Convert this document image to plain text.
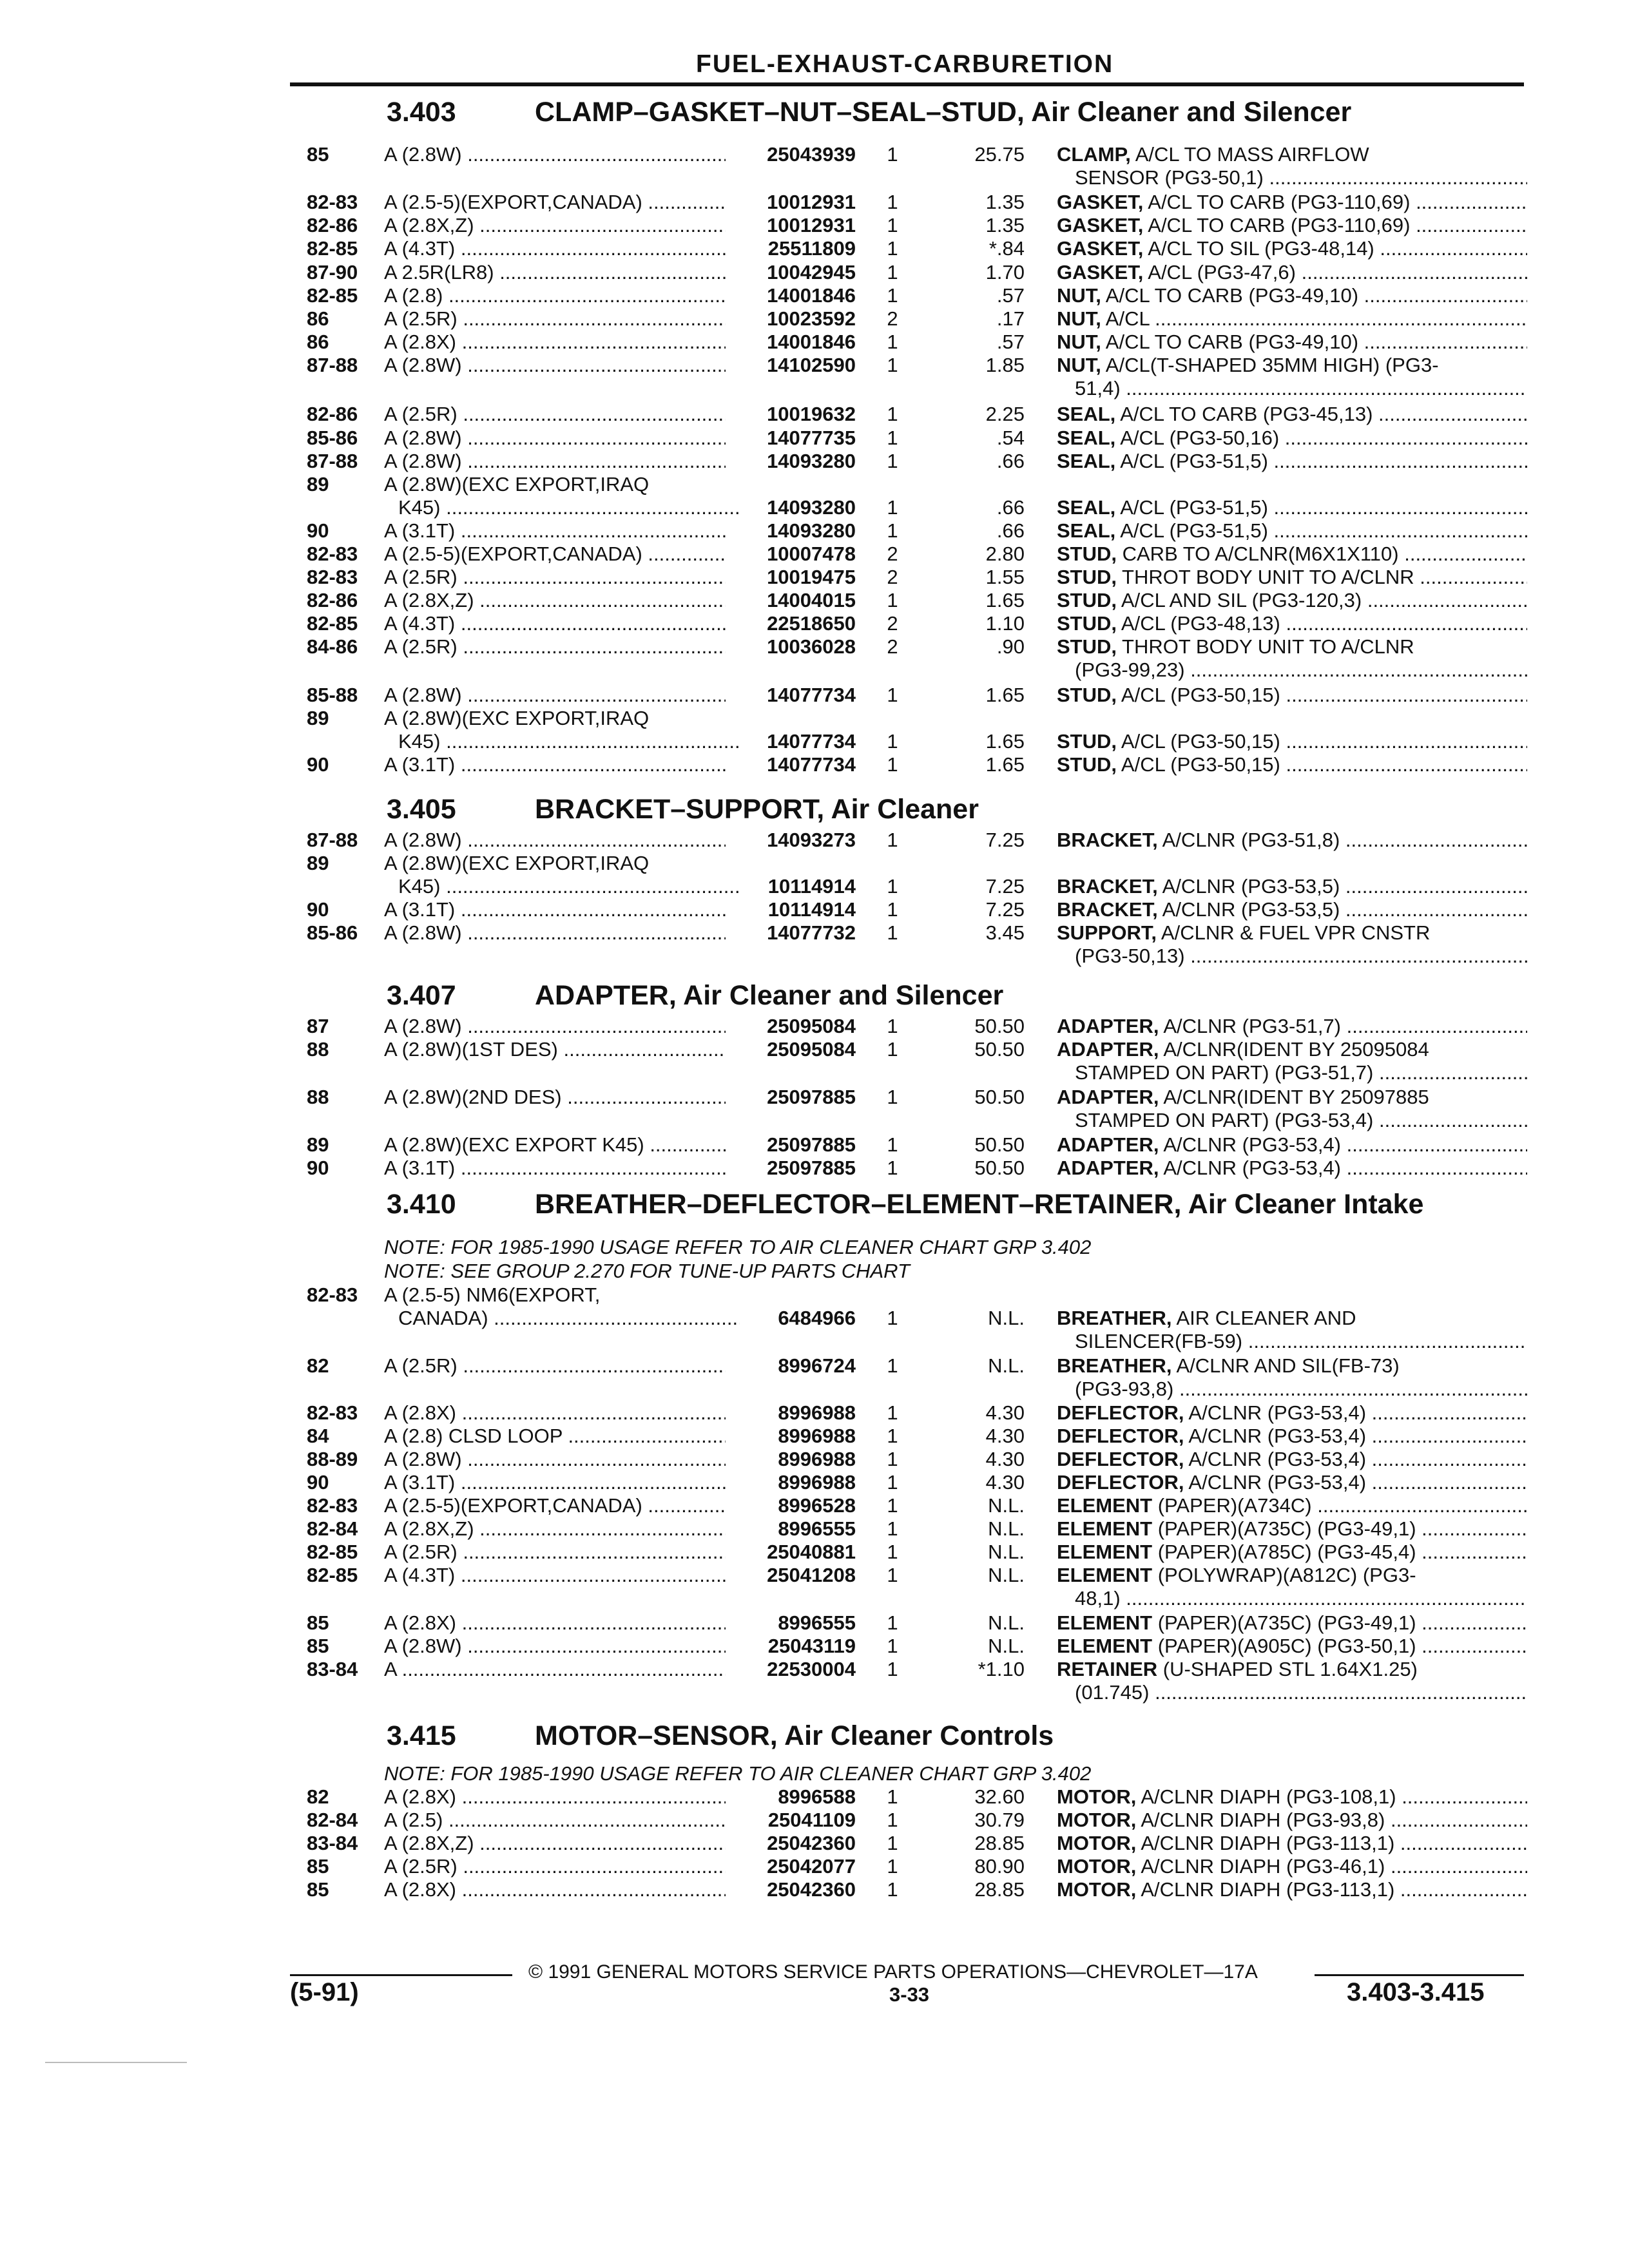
FUEL-EXHAUST-CARBURETION
3.403	CLAMP–GASKET–NUT–SEAL–STUD, Air Cleaner and Silencer
3.405	BRACKET–SUPPORT, Air Cleaner
3.407	ADAPTER, Air Cleaner and Silencer
3.410	BREATHER–DEFLECTOR–ELEMENT–RETAINER, Air Cleaner Intake
3.415	MOTOR–SENSOR, Air Cleaner Controls
NOTE: FOR 1985-1990 USAGE REFER TO AIR CLEANER CHART GRP 3.402
NOTE: SEE GROUP 2.270 FOR TUNE-UP PARTS CHART
NOTE: FOR 1985-1990 USAGE REFER TO AIR CLEANER CHART GRP 3.402
85	A (2.8W) .....	25043939 1	25.75 CLAMP, A/CL TO MASS AIRFLOW
SENSOR (PG3-50,1) .....
82-83 A (2.5-5)(EXPORT,CANADA) .....	10012931 1	1.35 GASKET, A/CL TO CARB (PG3-110,69) .....
82-86 A (2.8X,Z) .....	10012931 1	1.35 GASKET, A/CL TO CARB (PG3-110,69) .....
82-85 A (4.3T) .....	25511809 1	*.84 GASKET, A/CL TO SIL (PG3-48,14) .....
87-90 A 2.5R(LR8) .....	10042945 1	1.70 GASKET, A/CL (PG3-47,6) .....
82-85 A (2.8) .....	14001846 1	.57 NUT, A/CL TO CARB (PG3-49,10) .....
86	A (2.5R) .....	10023592 2	.17 NUT, A/CL .....
86	A (2.8X) .....	14001846 1	.57 NUT, A/CL TO CARB (PG3-49,10) .....
87-88 A (2.8W) .....	14102590 1	1.85 NUT, A/CL(T-SHAPED 35MM HIGH) (PG3-
51,4) .....
82-86 A (2.5R) .....	10019632 1	2.25 SEAL, A/CL TO CARB (PG3-45,13) .....
85-86 A (2.8W) .....	14077735 1	.54 SEAL, A/CL (PG3-50,16) .....
87-88 A (2.8W) .....	14093280 1	.66 SEAL, A/CL (PG3-51,5) .....
89	A (2.8W)(EXC EXPORT,IRAQ
K45) .....	14093280 1	.66 SEAL, A/CL (PG3-51,5) .....
90	A (3.1T) .....	14093280 1	.66 SEAL, A/CL (PG3-51,5) .....
82-83 A (2.5-5)(EXPORT,CANADA) .....	10007478 2	2.80 STUD, CARB TO A/CLNR(M6X1X110) .....
82-83 A (2.5R) .....	10019475 2	1.55 STUD, THROT BODY UNIT TO A/CLNR .....
82-86 A (2.8X,Z) .....	14004015 1	1.65 STUD, A/CL AND SIL (PG3-120,3) .....
82-85 A (4.3T) .....	22518650 2	1.10 STUD, A/CL (PG3-48,13) .....
84-86 A (2.5R) .....	10036028 2	.90 STUD, THROT BODY UNIT TO A/CLNR
(PG3-99,23) .....
85-88 A (2.8W) .....	14077734 1	1.65 STUD, A/CL (PG3-50,15) .....
89	A (2.8W)(EXC EXPORT,IRAQ
K45) .....	14077734 1	1.65 STUD, A/CL (PG3-50,15) .....
90	A (3.1T) .....	14077734 1	1.65 STUD, A/CL (PG3-50,15) .....
87-88 A (2.8W) .....	14093273 1	7.25 BRACKET, A/CLNR (PG3-51,8) .....
89	A (2.8W)(EXC EXPORT,IRAQ
K45) .....	10114914 1	7.25 BRACKET, A/CLNR (PG3-53,5) .....
90	A (3.1T) .....	10114914 1	7.25 BRACKET, A/CLNR (PG3-53,5) .....
85-86 A (2.8W) .....	14077732 1	3.45 SUPPORT, A/CLNR & FUEL VPR CNSTR
(PG3-50,13) .....
87	A (2.8W) .....	25095084 1	50.50 ADAPTER, A/CLNR (PG3-51,7) .....
88	A (2.8W)(1ST DES) .....	25095084 1	50.50 ADAPTER, A/CLNR(IDENT BY 25095084
STAMPED ON PART) (PG3-51,7) .....
88	A (2.8W)(2ND DES) .....	25097885 1	50.50 ADAPTER, A/CLNR(IDENT BY 25097885
STAMPED ON PART) (PG3-53,4) .....
89	A (2.8W)(EXC EXPORT K45) .....	25097885 1	50.50 ADAPTER, A/CLNR (PG3-53,4) .....
90	A (3.1T) .....	25097885 1	50.50 ADAPTER, A/CLNR (PG3-53,4) .....
82-83 A (2.5-5) NM6(EXPORT,
CANADA) .....	6484966 1	N.L. BREATHER, AIR CLEANER AND
SILENCER(FB-59) .....
82	A (2.5R) .....	8996724 1	N.L. BREATHER, A/CLNR AND SIL(FB-73)
(PG3-93,8) .....
82-83 A (2.8X) .....	8996988 1	4.30 DEFLECTOR, A/CLNR (PG3-53,4) .....
84	A (2.8) CLSD LOOP .....	8996988 1	4.30 DEFLECTOR, A/CLNR (PG3-53,4) .....
88-89 A (2.8W) .....	8996988 1	4.30 DEFLECTOR, A/CLNR (PG3-53,4) .....
90	A (3.1T) .....	8996988 1	4.30 DEFLECTOR, A/CLNR (PG3-53,4) .....
82-83 A (2.5-5)(EXPORT,CANADA) .....	8996528 1	N.L. ELEMENT (PAPER)(A734C) .....
82-84 A (2.8X,Z) .....	8996555 1	N.L. ELEMENT (PAPER)(A735C) (PG3-49,1) .....
82-85 A (2.5R) .....	25040881 1	N.L. ELEMENT (PAPER)(A785C) (PG3-45,4) .....
82-85 A (4.3T) .....	25041208 1	N.L. ELEMENT (POLYWRAP)(A812C) (PG3-
48,1) .....
85	A (2.8X) .....	8996555 1	N.L. ELEMENT (PAPER)(A735C) (PG3-49,1) .....
85	A (2.8W) .....	25043119 1	N.L. ELEMENT (PAPER)(A905C) (PG3-50,1) .....
83-84 A .....	22530004 1	*1.10 RETAINER (U-SHAPED STL 1.64X1.25)
(01.745) .....
82	A (2.8X) .....	8996588 1	32.60 MOTOR, A/CLNR DIAPH (PG3-108,1) .....
82-84 A (2.5) .....	25041109 1	30.79 MOTOR, A/CLNR DIAPH (PG3-93,8) .....
83-84 A (2.8X,Z) .....	25042360 1	28.85 MOTOR, A/CLNR DIAPH (PG3-113,1) .....
85	A (2.5R) .....	25042077 1	80.90 MOTOR, A/CLNR DIAPH (PG3-46,1) .....
85	A (2.8X) .....	25042360 1	28.85 MOTOR, A/CLNR DIAPH (PG3-113,1) .....
© 1991 GENERAL MOTORS SERVICE PARTS OPERATIONS—CHEVROLET—17A
(5-91)	3-33	3.403-3.415
